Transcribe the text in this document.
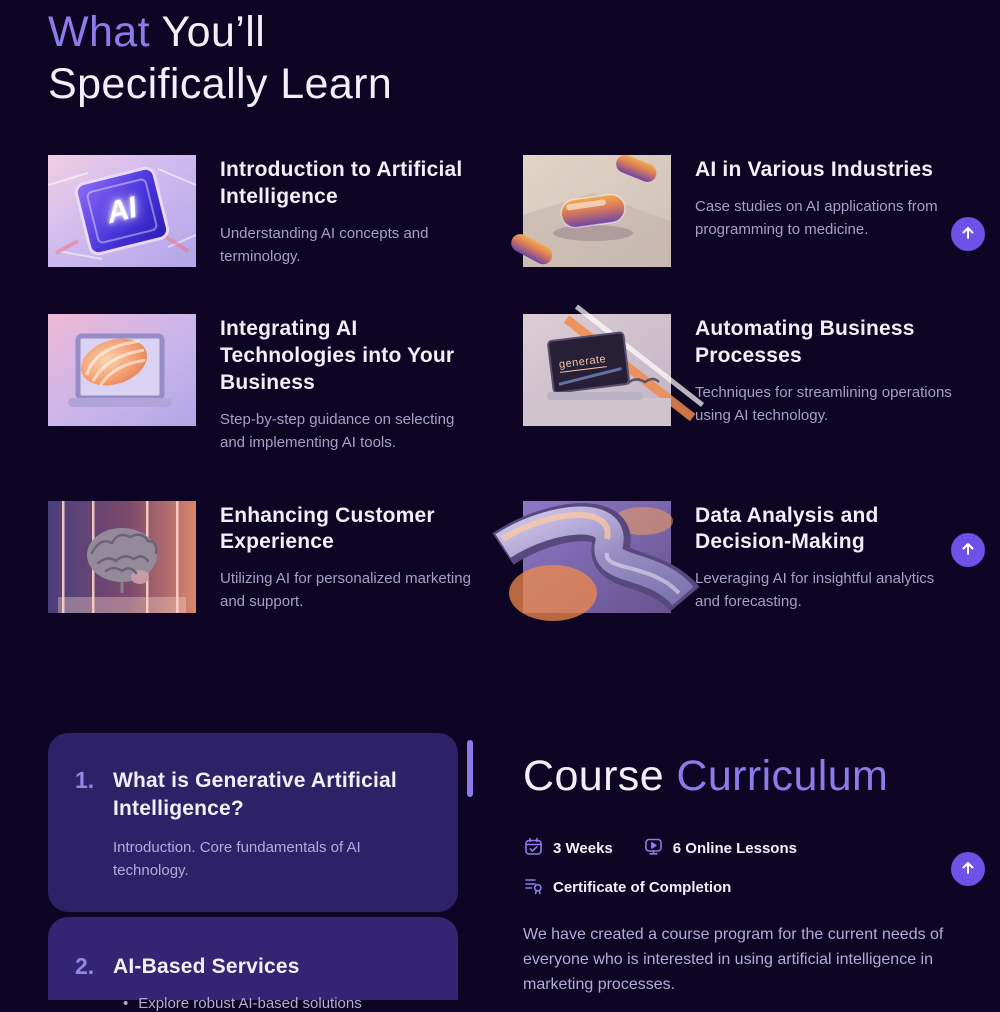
What You’ll Specifically Learn
AI
Introduction to Artificial Intelligence

Understanding AI concepts and terminology.

AI in Various Industries

Case studies on AI applications from programming to medicine.

Integrating AI Technologies into Your Business

Step-by-step guidance on selecting and implementing AI tools.

generate
Automating Business Processes

Techniques for streamlining operations using AI technology.

Enhancing Customer Experience

Utilizing AI for personalized marketing and support.

Data Analysis and Decision-Making

Leveraging AI for insightful analytics and forecasting.

1. What is Generative Artificial Intelligence?

Introduction. Core fundamentals of AI technology.

2. AI-Based Services
• Explore robust AI-based solutions
Course Curriculum
3 Weeks	6 Online Lessons
Certificate of Completion

We have created a course program for the current needs of everyone who is interested in using artificial intelligence in marketing processes.
